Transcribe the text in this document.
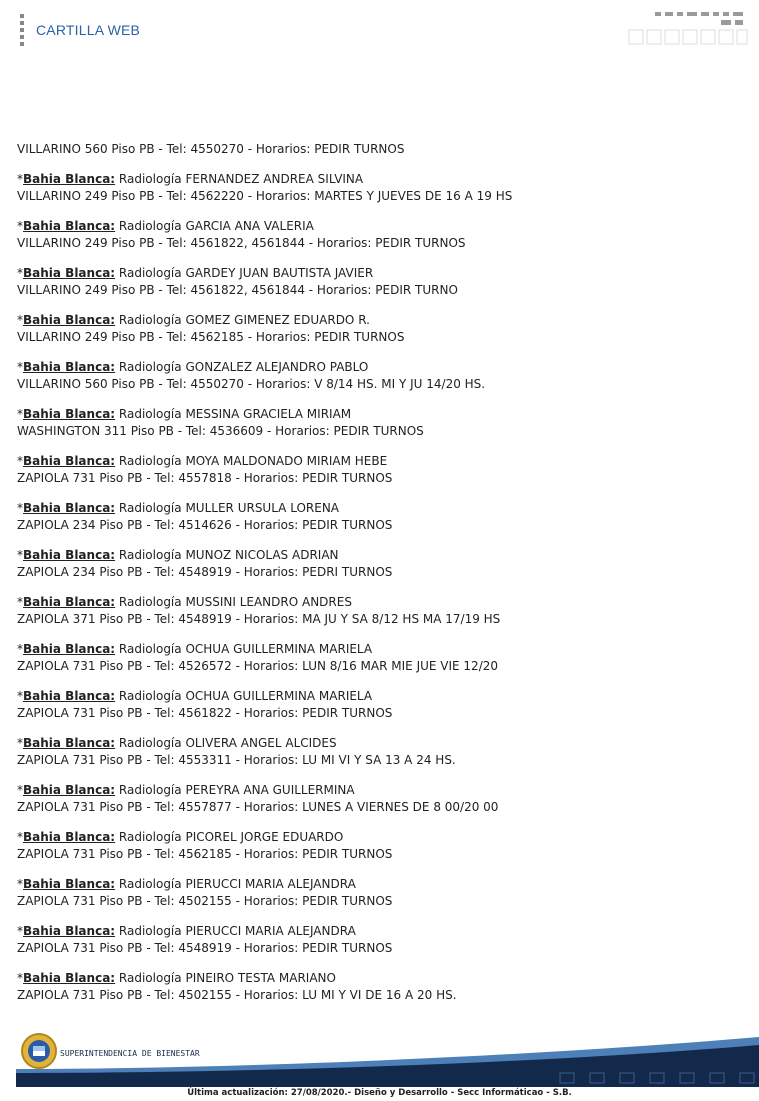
CARTILLA WEB
VILLARINO 560 Piso PB - Tel: 4550270 - Horarios: PEDIR TURNOS
*Bahia Blanca: Radiología FERNANDEZ ANDREA SILVINA
VILLARINO 249 Piso PB - Tel: 4562220 - Horarios: MARTES Y JUEVES DE 16 A 19 HS
*Bahia Blanca: Radiología GARCIA ANA VALERIA
VILLARINO 249 Piso PB - Tel: 4561822, 4561844 - Horarios: PEDIR TURNOS
*Bahia Blanca: Radiología GARDEY JUAN BAUTISTA JAVIER
VILLARINO 249 Piso PB - Tel: 4561822, 4561844 - Horarios: PEDIR TURNO
*Bahia Blanca: Radiología GOMEZ GIMENEZ EDUARDO R.
VILLARINO 249 Piso PB - Tel: 4562185 - Horarios: PEDIR TURNOS
*Bahia Blanca: Radiología GONZALEZ ALEJANDRO PABLO
VILLARINO 560 Piso PB - Tel: 4550270 - Horarios: V 8/14 HS. MI Y JU 14/20 HS.
*Bahia Blanca: Radiología MESSINA GRACIELA MIRIAM
WASHINGTON 311 Piso PB - Tel: 4536609 - Horarios: PEDIR TURNOS
*Bahia Blanca: Radiología MOYA MALDONADO MIRIAM HEBE
ZAPIOLA 731 Piso PB - Tel: 4557818 - Horarios: PEDIR TURNOS
*Bahia Blanca: Radiología MULLER URSULA LORENA
ZAPIOLA 234 Piso PB - Tel: 4514626 - Horarios: PEDIR TURNOS
*Bahia Blanca: Radiología MUNOZ NICOLAS ADRIAN
ZAPIOLA 234 Piso PB - Tel: 4548919 - Horarios: PEDRI TURNOS
*Bahia Blanca: Radiología MUSSINI LEANDRO ANDRES
ZAPIOLA 371 Piso PB - Tel: 4548919 - Horarios: MA JU Y SA 8/12 HS MA 17/19 HS
*Bahia Blanca: Radiología OCHUA GUILLERMINA MARIELA
ZAPIOLA 731 Piso PB - Tel: 4526572 - Horarios: LUN 8/16 MAR MIE JUE VIE 12/20
*Bahia Blanca: Radiología OCHUA GUILLERMINA MARIELA
ZAPIOLA 731 Piso PB - Tel: 4561822 - Horarios: PEDIR TURNOS
*Bahia Blanca: Radiología OLIVERA ANGEL ALCIDES
ZAPIOLA 731 Piso PB - Tel: 4553311 - Horarios: LU MI VI Y SA 13 A 24 HS.
*Bahia Blanca: Radiología PEREYRA ANA GUILLERMINA
ZAPIOLA 731 Piso PB - Tel: 4557877 - Horarios: LUNES A VIERNES DE 8 00/20 00
*Bahia Blanca: Radiología PICOREL JORGE EDUARDO
ZAPIOLA 731 Piso PB - Tel: 4562185 - Horarios: PEDIR TURNOS
*Bahia Blanca: Radiología PIERUCCI MARIA ALEJANDRA
ZAPIOLA 731 Piso PB - Tel: 4502155 - Horarios: PEDIR TURNOS
*Bahia Blanca: Radiología PIERUCCI MARIA ALEJANDRA
ZAPIOLA 731 Piso PB - Tel: 4548919 - Horarios: PEDIR TURNOS
*Bahia Blanca: Radiología PINEIRO TESTA MARIANO
ZAPIOLA 731 Piso PB - Tel: 4502155 - Horarios: LU MI Y VI DE 16 A 20 HS.
SUPERINTENDENCIA DE BIENESTAR
Última actualización: 27/08/2020.- Diseño y Desarrollo - Secc Informáticao - S.B.
